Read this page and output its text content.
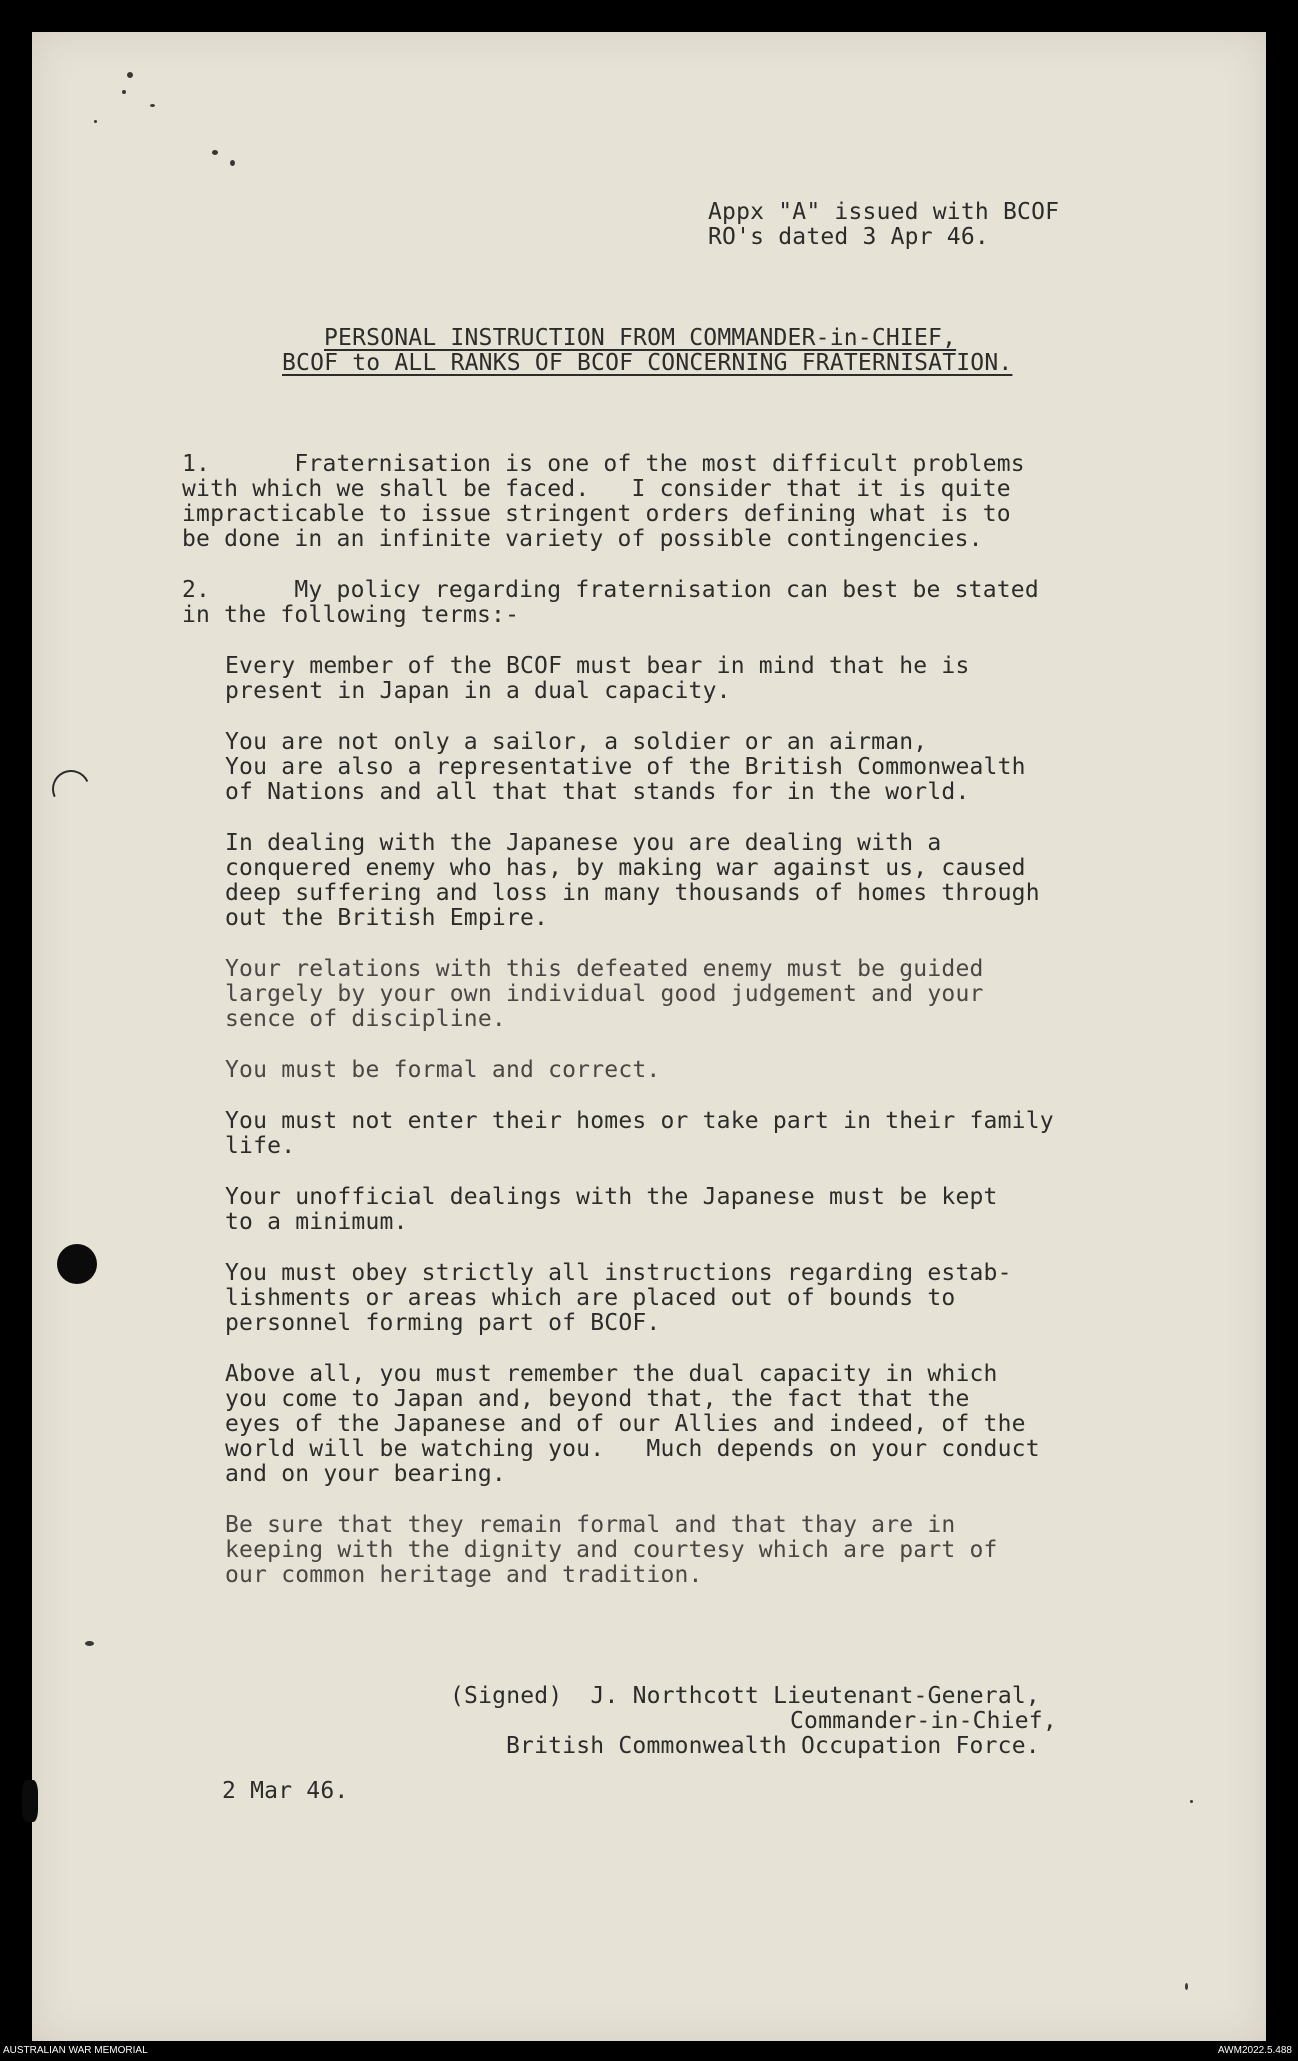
Appx "A" issued with BCOF
RO's dated 3 Apr 46.
PERSONAL INSTRUCTION FROM COMMANDER-in-CHIEF,
BCOF to ALL RANKS OF BCOF CONCERNING FRATERNISATION.
1.      Fraternisation is one of the most difficult problems
with which we shall be faced.   I consider that it is quite
impracticable to issue stringent orders defining what is to
be done in an infinite variety of possible contingencies.
2.      My policy regarding fraternisation can best be stated
in the following terms:-
Every member of the BCOF must bear in mind that he is
present in Japan in a dual capacity.
You are not only a sailor, a soldier or an airman,
You are also a representative of the British Commonwealth
of Nations and all that that stands for in the world.
In dealing with the Japanese you are dealing with a
conquered enemy who has, by making war against us, caused
deep suffering and loss in many thousands of homes through
out the British Empire.
Your relations with this defeated enemy must be guided
largely by your own individual good judgement and your
sence of discipline.
You must be formal and correct.
You must not enter their homes or take part in their family
life.
Your unofficial dealings with the Japanese must be kept
to a minimum.
You must obey strictly all instructions regarding estab-
lishments or areas which are placed out of bounds to
personnel forming part of BCOF.
Above all, you must remember the dual capacity in which
you come to Japan and, beyond that, the fact that the
eyes of the Japanese and of our Allies and indeed, of the
world will be watching you.   Much depends on your conduct
and on your bearing.
Be sure that they remain formal and that thay are in
keeping with the dignity and courtesy which are part of
our common heritage and tradition.
(Signed)  J. Northcott Lieutenant-General,
Commander-in-Chief,
British Commonwealth Occupation Force.
2 Mar 46.
AUSTRALIAN WAR MEMORIAL	AWM2022.5.488
